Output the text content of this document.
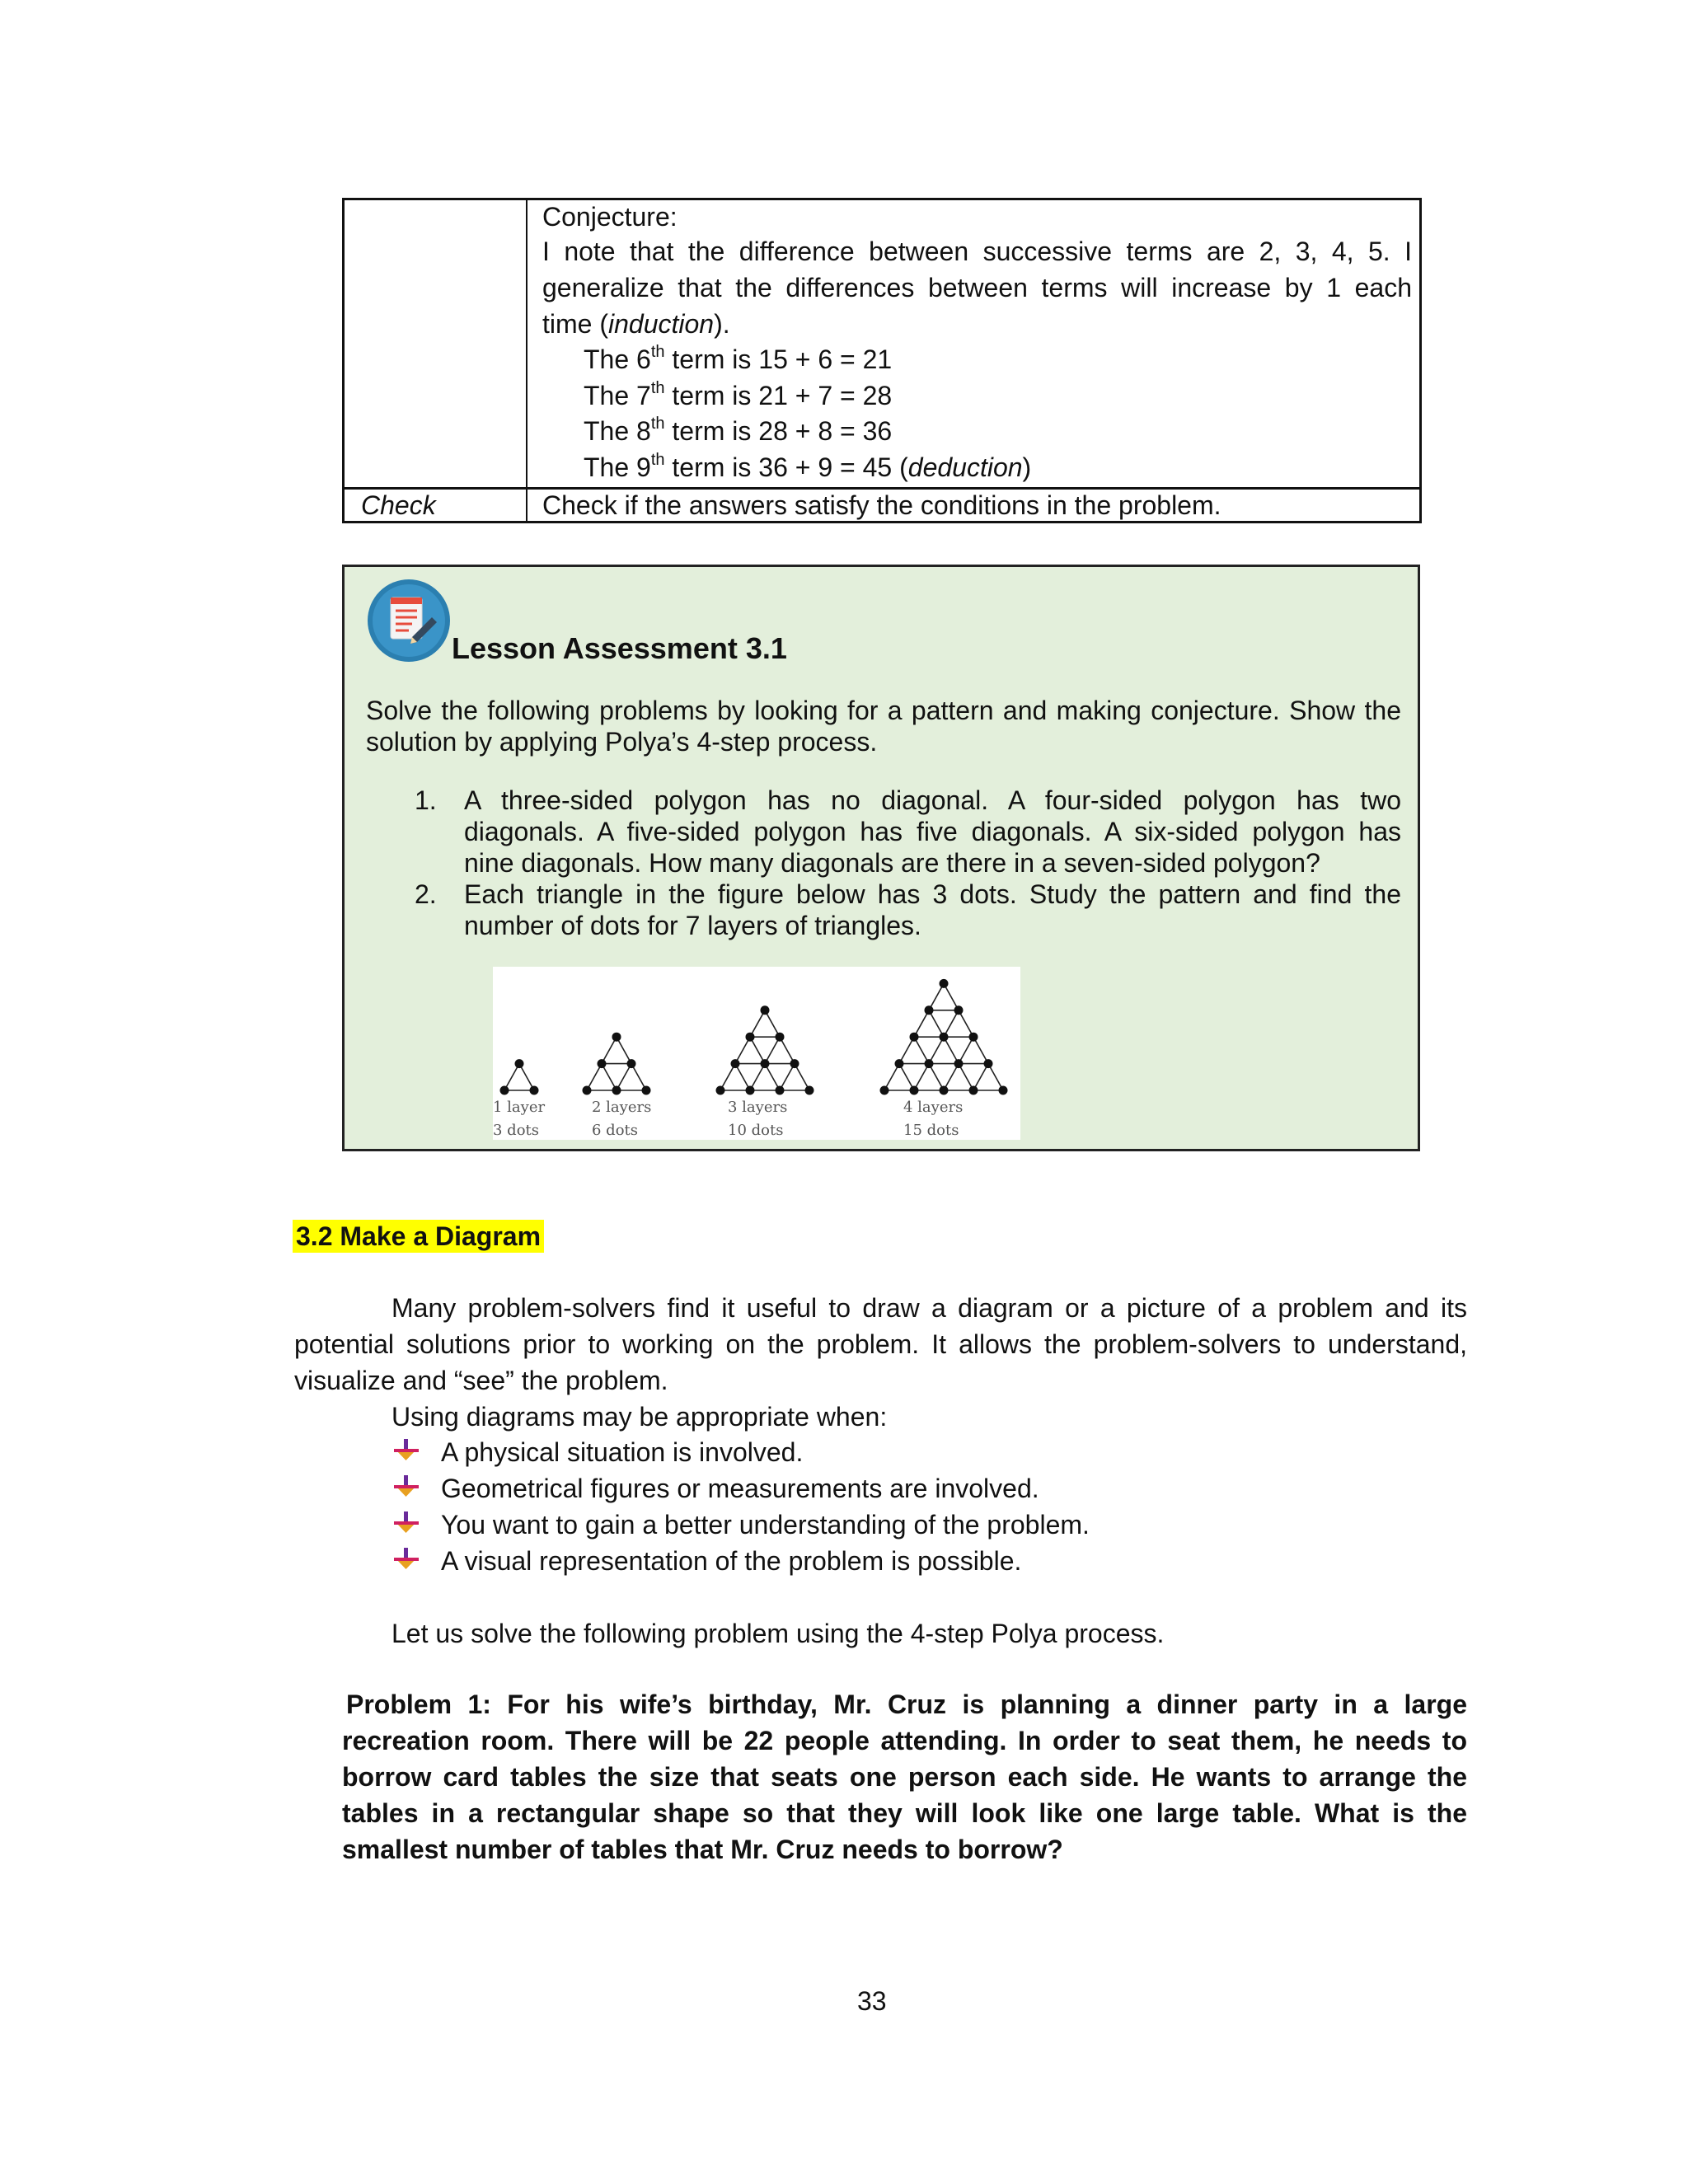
Conjecture:
I note that the difference between successive terms are 2, 3, 4, 5. I
generalize that the differences between terms will increase by 1 each
time (induction).
The 6th term is 15 + 6 = 21
The 7th term is 21 + 7 = 28
The 8th term is 28 + 8 = 36
The 9th term is 36 + 9 = 45 (deduction)
Check	Check if the answers satisfy the conditions in the problem.
Lesson Assessment 3.1
Solve the following problems by looking for a pattern and making conjecture. Show the
solution by applying Polya’s 4-step process.
1. A three-sided polygon has no diagonal. A four-sided polygon has two
diagonals. A five-sided polygon has five diagonals. A six-sided polygon has
nine diagonals. How many diagonals are there in a seven-sided polygon?
2. Each triangle in the figure below has 3 dots. Study the pattern and find the
number of dots for 7 layers of triangles.
1 layer
3 dots
2 layers
6 dots
3 layers
10 dots
4 layers
15 dots
3.2 Make a Diagram
Many problem-solvers find it useful to draw a diagram or a picture of a problem and its
potential solutions prior to working on the problem. It allows the problem-solvers to understand,
visualize and “see” the problem.
Using diagrams may be appropriate when:
A physical situation is involved.
Geometrical figures or measurements are involved.
You want to gain a better understanding of the problem.
A visual representation of the problem is possible.
Let us solve the following problem using the 4-step Polya process.
Problem 1: For his wife’s birthday, Mr. Cruz is planning a dinner party in a large
recreation room. There will be 22 people attending. In order to seat them, he needs to
borrow card tables the size that seats one person each side. He wants to arrange the
tables in a rectangular shape so that they will look like one large table. What is the
smallest number of tables that Mr. Cruz needs to borrow?
33
